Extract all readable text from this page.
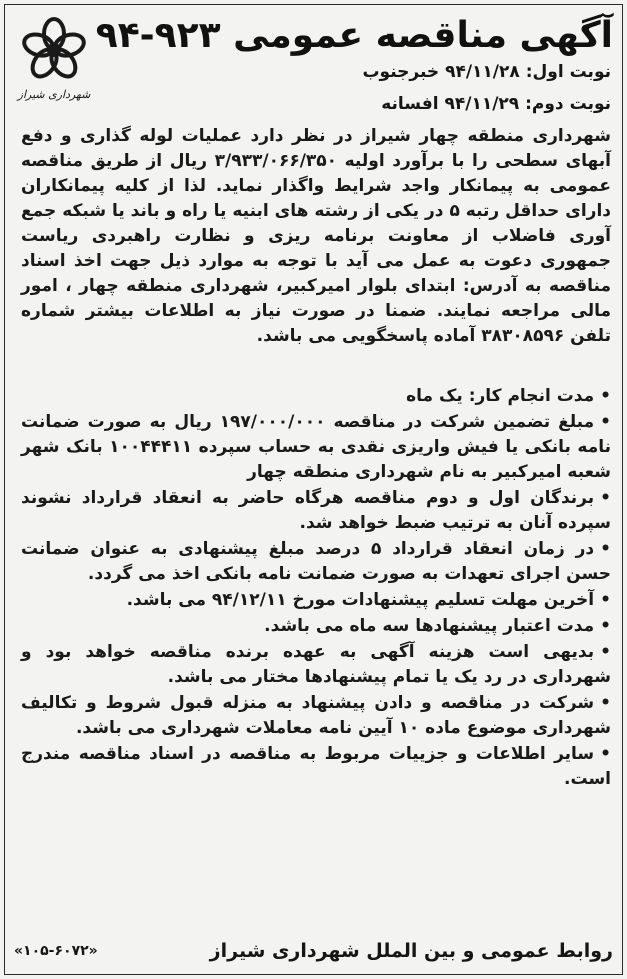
شهرداری شیراز
آگهی مناقصه عمومی ۹۲۳-۹۴
نوبت اول: ۹۴/۱۱/۲۸ خبرجنوب
نوبت دوم: ۹۴/۱۱/۲۹ افسانه
شهرداری منطقه چهار شیراز در نظر دارد عملیات لوله گذاری و دفع آبهای سطحی را با برآورد اولیه ۳/۹۳۳/۰۶۶/۳۵۰ ریال از طریق مناقصه عمومی به پیمانکار واجد شرایط واگذار نماید. لذا از کلیه پیمانکاران دارای حداقل رتبه ۵ در یکی از رشته های ابنیه یا راه و باند یا شبکه جمع آوری فاضلاب از معاونت برنامه ریزی و نظارت راهبردی ریاست جمهوری دعوت به عمل می آید با توجه به موارد ذیل جهت اخذ اسناد مناقصه به آدرس: ابتدای بلوار امیرکبیر، شهرداری منطقه چهار ، امور مالی مراجعه نمایند. ضمنا در صورت نیاز به اطلاعات بیشتر شماره تلفن ۳۸۳۰۸۵۹۶ آماده پاسخگویی می باشد.
•مدت انجام کار: یک ماه
•مبلغ تضمین شرکت در مناقصه ۱۹۷/۰۰۰/۰۰۰ ریال به صورت ضمانت نامه بانکی یا فیش واریزی نقدی به حساب سپرده ۱۰۰۴۴۴۱۱ بانک شهر شعبه امیرکبیر به نام شهرداری منطقه چهار
•برندگان اول و دوم مناقصه هرگاه حاضر به انعقاد قرارداد نشوند سپرده آنان به ترتیب ضبط خواهد شد.
•در زمان انعقاد قرارداد ۵ درصد مبلغ پیشنهادی به عنوان ضمانت حسن اجرای تعهدات به صورت ضمانت نامه بانکی اخذ می گردد.
•آخرین مهلت تسلیم پیشنهادات مورخ ۹۴/۱۲/۱۱ می باشد.
•مدت اعتبار پیشنهادها سه ماه می باشد.
•بدیهی است هزینه آگهی به عهده برنده مناقصه خواهد بود و شهرداری در رد یک یا تمام پیشنهادها مختار می باشد.
•شرکت در مناقصه و دادن پیشنهاد به منزله قبول شروط و تکالیف شهرداری موضوع ماده ۱۰ آیین نامه معاملات شهرداری می باشد.
•سایر اطلاعات و جزییات مربوط به مناقصه در اسناد مناقصه مندرج است.
روابط عمومی و بین الملل شهرداری شیراز
«۱۰۵-۶۰۷۲»
